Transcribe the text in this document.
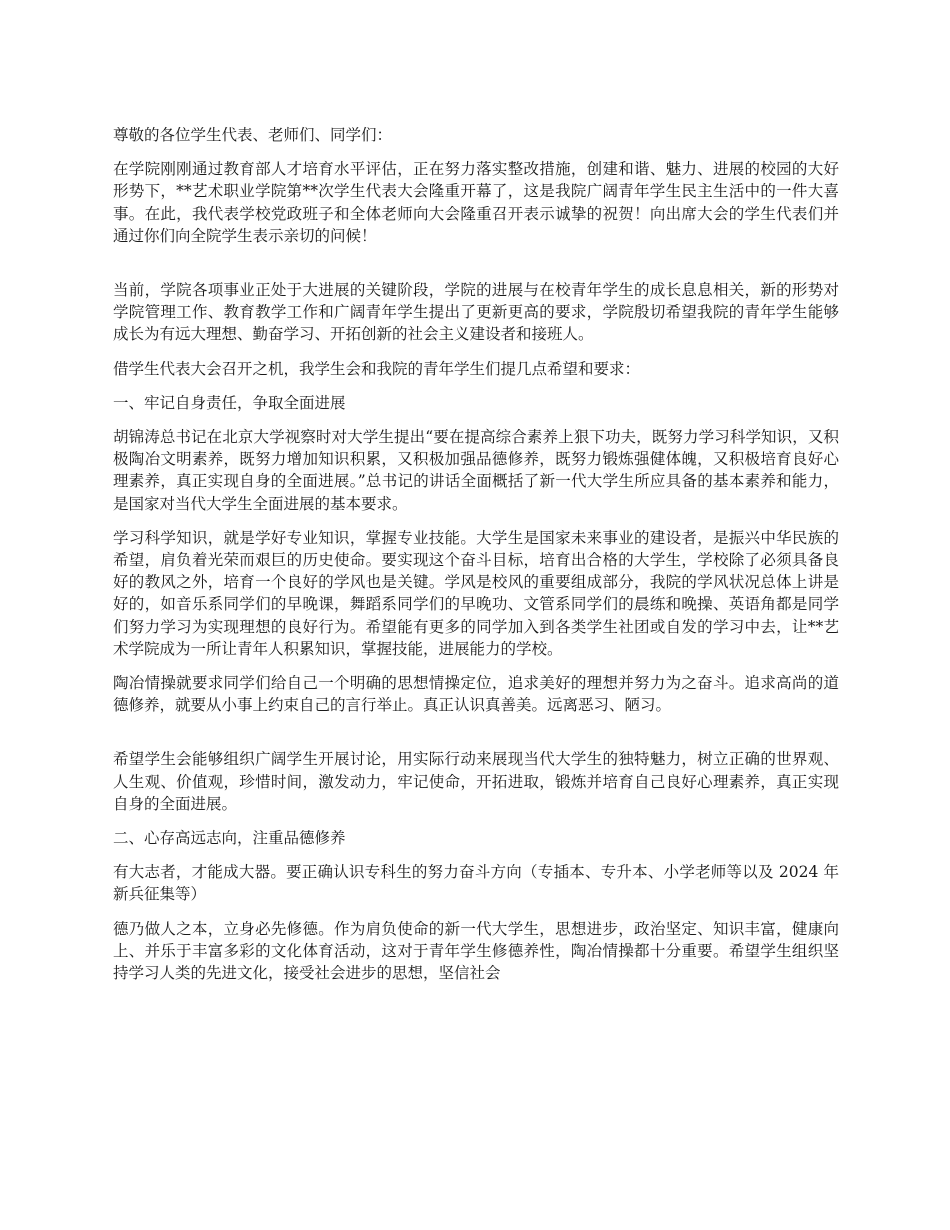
尊敬的各位学生代表、老师们、同学们：

在学院刚刚通过教育部人才培育水平评估，正在努力落实整改措施，创建和谐、魅力、进展的校园的大好形势下，**艺术职业学院第**次学生代表大会隆重开幕了，这是我院广阔青年学生民主生活中的一件大喜事。在此，我代表学校党政班子和全体老师向大会隆重召开表示诚挚的祝贺！向出席大会的学生代表们并通过你们向全院学生表示亲切的问候！

当前，学院各项事业正处于大进展的关键阶段，学院的进展与在校青年学生的成长息息相关，新的形势对学院管理工作、教育教学工作和广阔青年学生提出了更新更高的要求，学院殷切希望我院的青年学生能够成长为有远大理想、勤奋学习、开拓创新的社会主义建设者和接班人。

借学生代表大会召开之机，我学生会和我院的青年学生们提几点希望和要求：

一、牢记自身责任，争取全面进展

胡锦涛总书记在北京大学视察时对大学生提出“要在提高综合素养上狠下功夫，既努力学习科学知识，又积极陶冶文明素养，既努力增加知识积累，又积极加强品德修养，既努力锻炼强健体魄，又积极培育良好心理素养，真正实现自身的全面进展。”总书记的讲话全面概括了新一代大学生所应具备的基本素养和能力，是国家对当代大学生全面进展的基本要求。

学习科学知识，就是学好专业知识，掌握专业技能。大学生是国家未来事业的建设者，是振兴中华民族的希望，肩负着光荣而艰巨的历史使命。要实现这个奋斗目标，培育出合格的大学生，学校除了必须具备良好的教风之外，培育一个良好的学风也是关键。学风是校风的重要组成部分，我院的学风状况总体上讲是好的，如音乐系同学们的早晚课，舞蹈系同学们的早晚功、文管系同学们的晨练和晚操、英语角都是同学们努力学习为实现理想的良好行为。希望能有更多的同学加入到各类学生社团或自发的学习中去，让**艺术学院成为一所让青年人积累知识，掌握技能，进展能力的学校。

陶冶情操就要求同学们给自己一个明确的思想情操定位，追求美好的理想并努力为之奋斗。追求高尚的道德修养，就要从小事上约束自己的言行举止。真正认识真善美。远离恶习、陋习。

希望学生会能够组织广阔学生开展讨论，用实际行动来展现当代大学生的独特魅力，树立正确的世界观、人生观、价值观，珍惜时间，激发动力，牢记使命，开拓进取，锻炼并培育自己良好心理素养，真正实现自身的全面进展。

二、心存高远志向，注重品德修养

有大志者，才能成大器。要正确认识专科生的努力奋斗方向（专插本、专升本、小学老师等以及 2024 年新兵征集等）

德乃做人之本，立身必先修德。作为肩负使命的新一代大学生，思想进步，政治坚定、知识丰富，健康向上、并乐于丰富多彩的文化体育活动，这对于青年学生修德养性，陶冶情操都十分重要。希望学生组织坚持学习人类的先进文化，接受社会进步的思想，坚信社会
